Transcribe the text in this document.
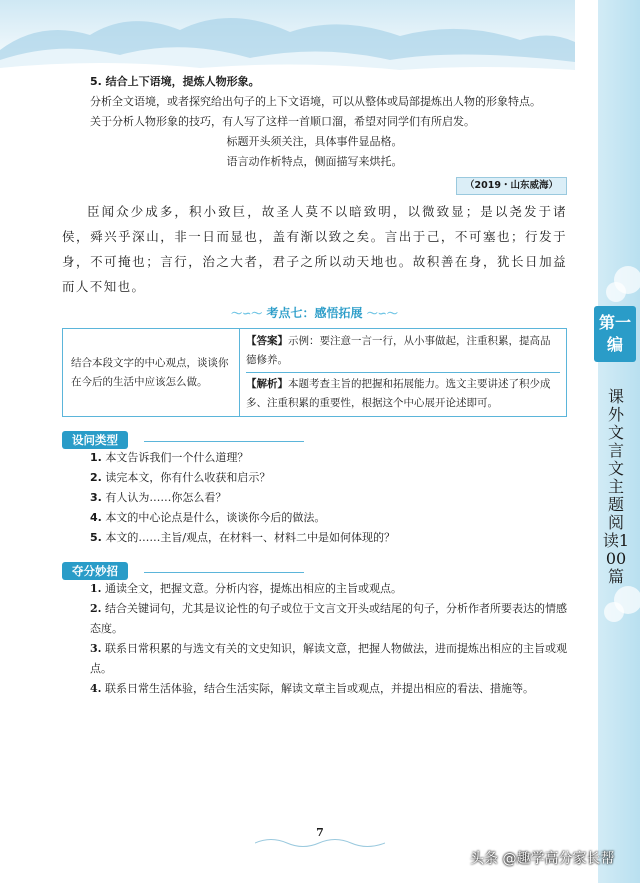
第一编
课外文言文主题阅读100篇
5. 结合上下语境，提炼人物形象。
分析全文语境，或者探究给出句子的上下文语境，可以从整体或局部提炼出人物的形象特点。
关于分析人物形象的技巧，有人写了这样一首顺口溜，希望对同学们有所启发。
标题开头须关注，具体事件显品格。
语言动作析特点，侧面描写来烘托。
（2019・山东威海）
臣闻众少成多，积小致巨，故圣人莫不以暗致明，以微致显；是以尧发于诸侯，舜兴乎深山，非一日而显也，盖有渐以致之矣。言出于己，不可塞也；行发于身，不可掩也；言行，治之大者，君子之所以动天地也。故积善在身，犹长日加益而人不知也。
〜∽〜 考点七：感悟拓展 〜∽〜
结合本段文字的中心观点，谈谈你在今后的生活中应该怎么做。	
【答案】示例：要注意一言一行，从小事做起，注重积累，提高品德修养。
【解析】本题考查主旨的把握和拓展能力。选文主要讲述了积少成多、注重积累的重要性，根据这个中心展开论述即可。
设问类型
1. 本文告诉我们一个什么道理？
2. 读完本文，你有什么收获和启示？
3. 有人认为……你怎么看？
4. 本文的中心论点是什么，谈谈你今后的做法。
5. 本文的……主旨/观点，在材料一、材料二中是如何体现的？
夺分妙招
1. 通读全文，把握文意。分析内容，提炼出相应的主旨或观点。
2. 结合关键词句，尤其是议论性的句子或位于文言文开头或结尾的句子，分析作者所要表达的情感态度。
3. 联系日常积累的与选文有关的文史知识，解读文意，把握人物做法，进而提炼出相应的主旨或观点。
4. 联系日常生活体验，结合生活实际，解读文章主旨或观点，并提出相应的看法、措施等。
7
头条 @趣学高分家长帮
